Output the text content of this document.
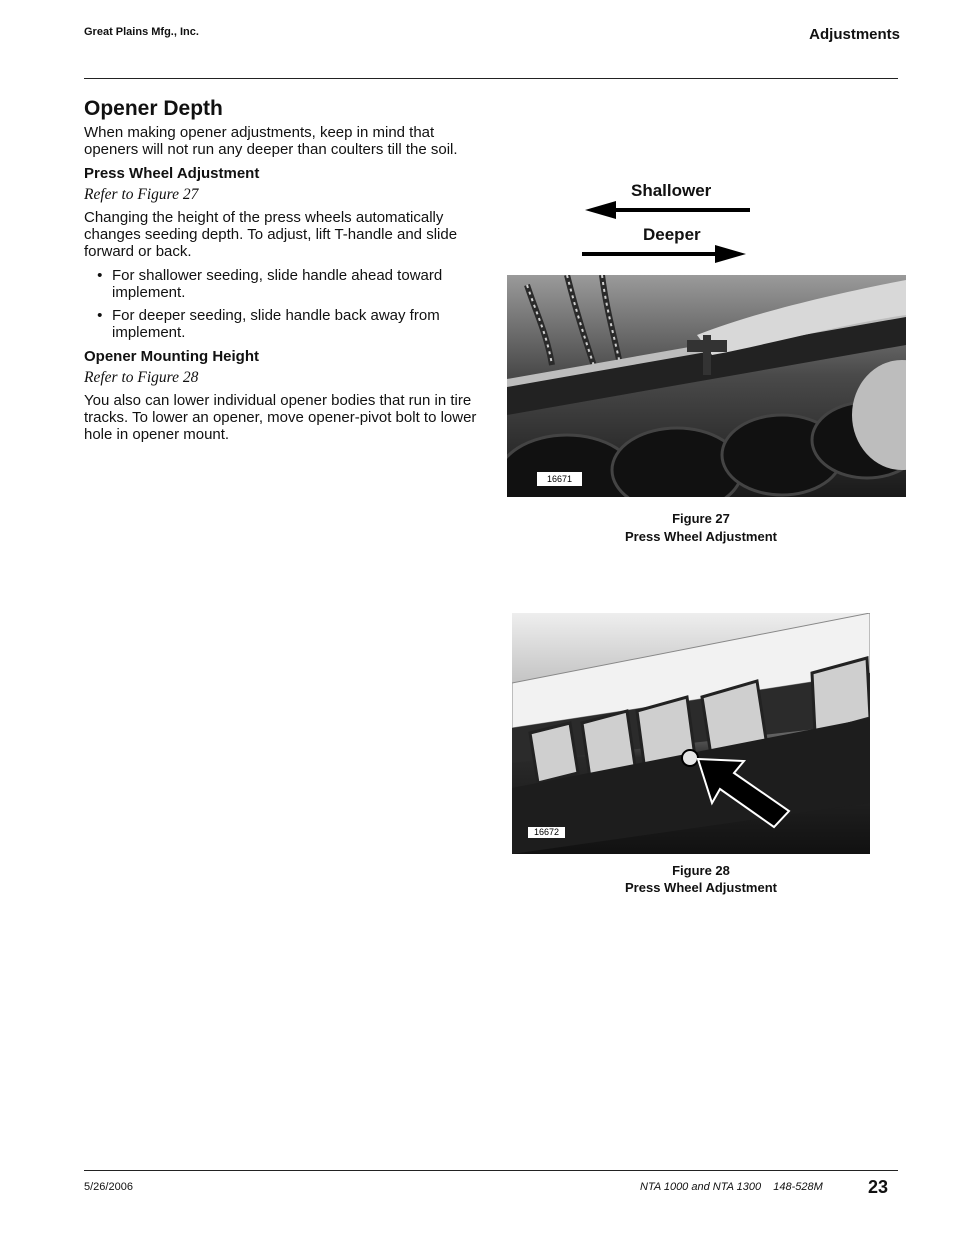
Great Plains Mfg., Inc.	Adjustments
Opener Depth
When making opener adjustments, keep in mind that openers will not run any deeper than coulters till the soil.
Press Wheel Adjustment
Refer to Figure 27
Changing the height of the press wheels automatically changes seeding depth. To adjust, lift T-handle and slide forward or back.
• For shallower seeding, slide handle ahead toward implement.
• For deeper seeding, slide handle back away from implement.
Opener Mounting Height
Refer to Figure 28
You also can lower individual opener bodies that run in tire tracks. To lower an opener, move opener-pivot bolt to lower hole in opener mount.
Shallower
Deeper
16671
Figure 27
Press Wheel Adjustment
16672
Figure 28
Press Wheel Adjustment
5/26/2006	NTA 1000 and NTA 1300    148-528M	23
